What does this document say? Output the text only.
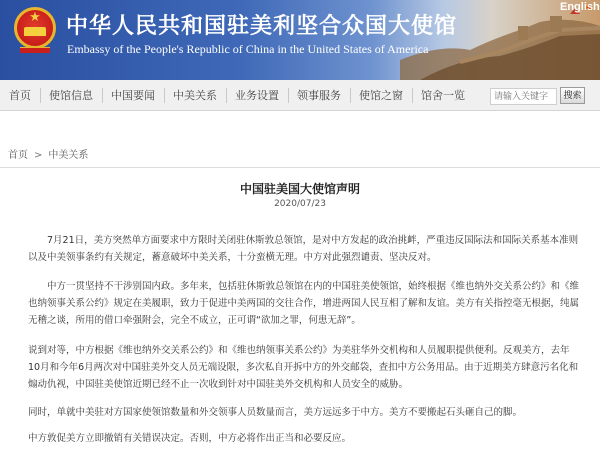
★	中华人民共和国驻美利坚合众国大使馆
Embassy of the People's Republic of China in the United States of America
English
首页	使馆信息	中国要闻	中美关系	业务设置	领事服务	使馆之窗	馆舍一览
请输入关键字	搜索
首页 > 中美关系
中国驻美国大使馆声明
2020/07/23

7月21日，美方突然单方面要求中方限时关闭驻休斯敦总领馆，是对中方发起的政治挑衅，严重违反国际法和国际关系基本准则以及中美领事条约有关规定，蓄意破坏中美关系，十分蛮横无理。中方对此强烈谴责、坚决反对。

中方一贯坚持不干涉别国内政。多年来，包括驻休斯敦总领馆在内的中国驻美使领馆，始终根据《维也纳外交关系公约》和《维也纳领事关系公约》规定在美履职，致力于促进中美两国的交往合作，增进两国人民互相了解和友谊。美方有关指控毫无根据，纯属无稽之谈，所用的借口牵强附会，完全不成立，正可谓“欲加之罪，何患无辞”。

说到对等，中方根据《维也纳外交关系公约》和《维也纳领事关系公约》为美驻华外交机构和人员履职提供便利。反观美方，去年10月和今年6月两次对中国驻美外交人员无端设限，多次私自开拆中方的外交邮袋，查扣中方公务用品。由于近期美方肆意污名化和煽动仇视，中国驻美使馆近期已经不止一次收到针对中国驻美外交机构和人员安全的威胁。

同时，单就中美驻对方国家使领馆数量和外交领事人员数量而言，美方远远多于中方。美方不要搬起石头砸自己的脚。

中方敦促美方立即撤销有关错误决定。否则，中方必将作出正当和必要反应。
